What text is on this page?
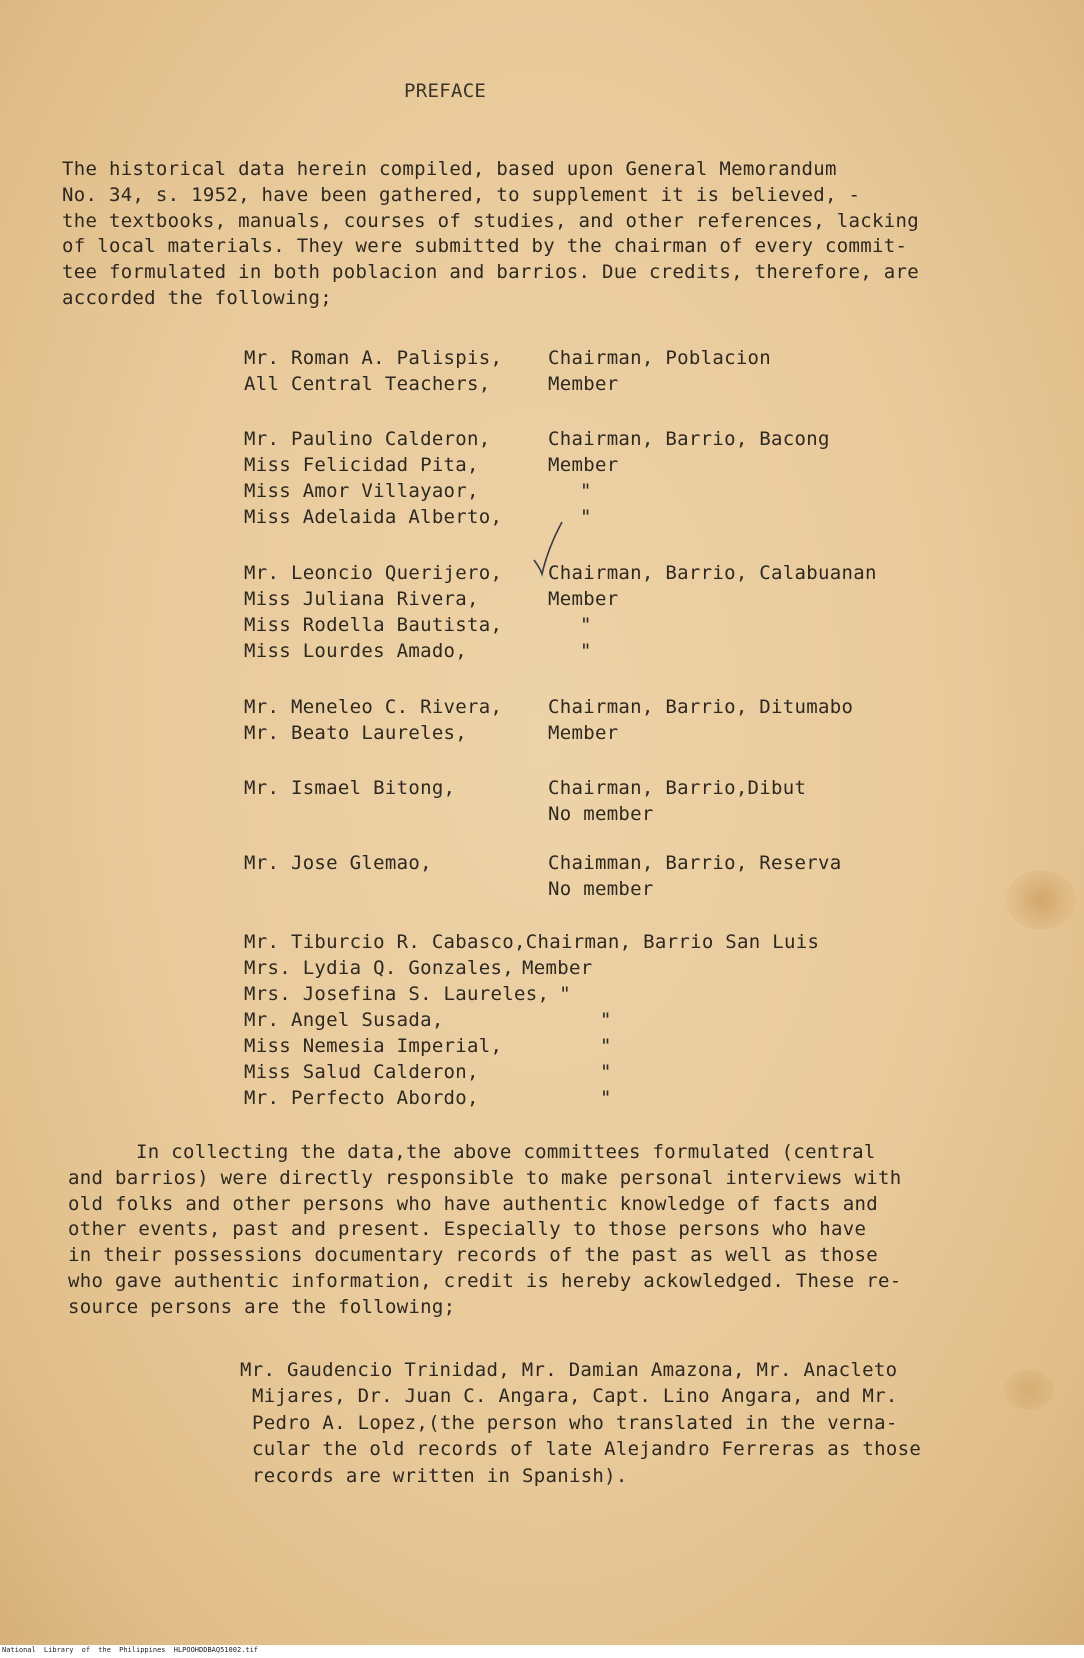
PREFACE
The historical data herein compiled, based upon General Memorandum
No. 34, s. 1952, have been gathered, to supplement it is believed, -
the textbooks, manuals, courses of studies, and other references, lacking
of local materials. They were submitted by the chairman of every commit-
tee formulated in both poblacion and barrios. Due credits, therefore, are
accorded the following;
Mr. Roman A. Palispis,	Chairman, Poblacion
All Central Teachers,	Member
Mr. Paulino Calderon,	Chairman, Barrio, Bacong
Miss Felicidad Pita,	Member
Miss Amor Villayaor,	"
Miss Adelaida Alberto,	"
Mr. Leoncio Querijero,	Chairman, Barrio, Calabuanan
Miss Juliana Rivera,	Member
Miss Rodella Bautista,	"
Miss Lourdes Amado,	"
Mr. Meneleo C. Rivera,	Chairman, Barrio, Ditumabo
Mr. Beato Laureles,	Member
Mr. Ismael Bitong,	Chairman, Barrio,Dibut
No member
Mr. Jose Glemao,	Chaimman, Barrio, Reserva
No member
Mr. Tiburcio R. Cabasco, Chairman, Barrio San Luis
Mrs. Lydia Q. Gonzales, Member
Mrs. Josefina S. Laureles, "
Mr. Angel Susada,	"
Miss Nemesia Imperial,	"
Miss Salud Calderon,	"
Mr. Perfecto Abordo,	"
In collecting the data,the above committees formulated (central
and barrios) were directly responsible to make personal interviews with
old folks and other persons who have authentic knowledge of facts and
other events, past and present. Especially to those persons who have
in their possessions documentary records of the past as well as those
who gave authentic information, credit is hereby ackowledged. These re-
source persons are the following;
Mr. Gaudencio Trinidad, Mr. Damian Amazona, Mr. Anacleto
Mijares, Dr. Juan C. Angara, Capt. Lino Angara, and Mr.
Pedro A. Lopez,(the person who translated in the verna-
cular the old records of late Alejandro Ferreras as those
records are written in Spanish).
National Library of the Philippines HLPOOHDDBAQ51002.tif
